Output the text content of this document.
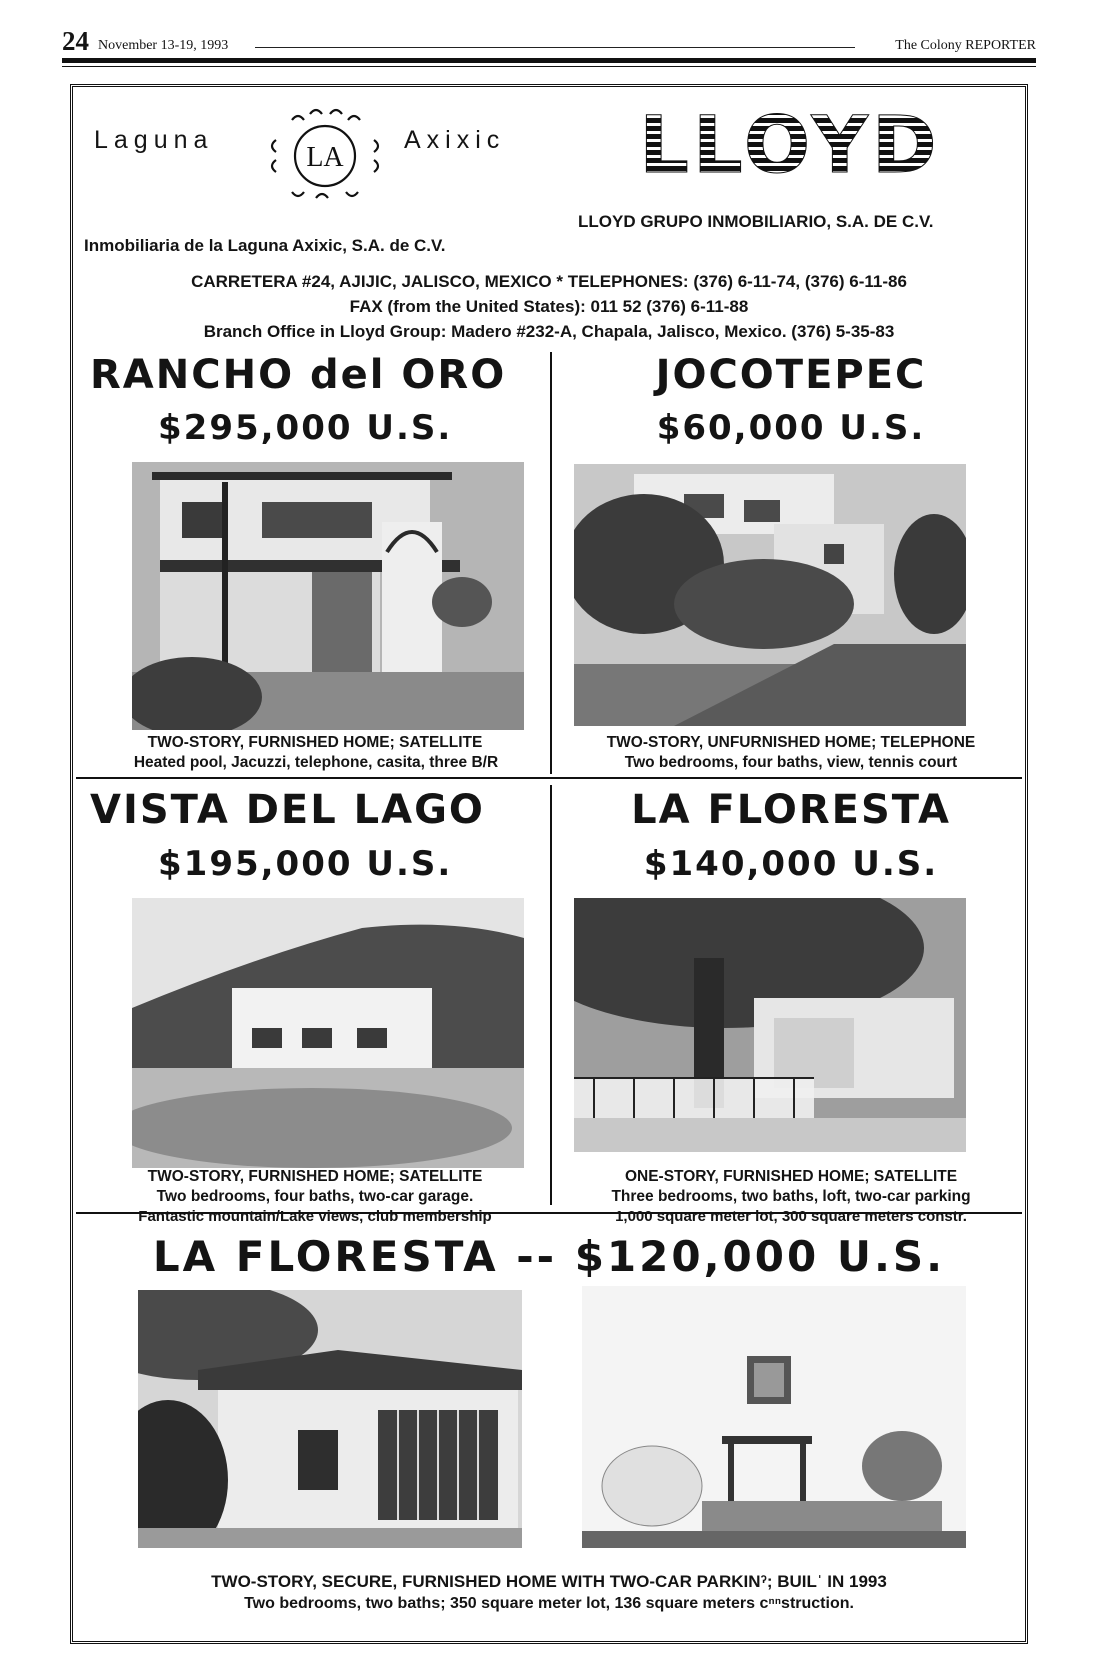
24 November 13-19, 1993	The Colony REPORTER
Laguna
LA
Axixic LLOYD
LLOYD GRUPO INMOBILIARIO, S.A. DE C.V.
Inmobiliaria de la Laguna Axixic, S.A. de C.V.
CARRETERA #24, AJIJIC, JALISCO, MEXICO * TELEPHONES: (376) 6-11-74, (376) 6-11-86
FAX (from the United States): 011 52 (376) 6-11-88
Branch Office in Lloyd Group: Madero #232-A, Chapala, Jalisco, Mexico. (376) 5-35-83
RANCHO del ORO
$295,000 U.S.
TWO-STORY, FURNISHED HOME; SATELLITE
Heated pool, Jacuzzi, telephone, casita, three B/R
JOCOTEPEC
$60,000 U.S.
TWO-STORY, UNFURNISHED HOME; TELEPHONE
Two bedrooms, four baths, view, tennis court
VISTA DEL LAGO
$195,000 U.S.
TWO-STORY, FURNISHED HOME; SATELLITE
Two bedrooms, four baths, two-car garage.
Fantastic mountain/Lake views, club membership
LA FLORESTA
$140,000 U.S.
ONE-STORY, FURNISHED HOME; SATELLITE
Three bedrooms, two baths, loft, two-car parking
1,000 square meter lot, 300 square meters constr.
LA FLORESTA -- $120,000 U.S.
TWO-STORY, SECURE, FURNISHED HOME WITH TWO-CAR PARKINˀ; BUILˈ IN 1993
Two bedrooms, two baths; 350 square meter lot, 136 square meters cⁿⁿstruction.
